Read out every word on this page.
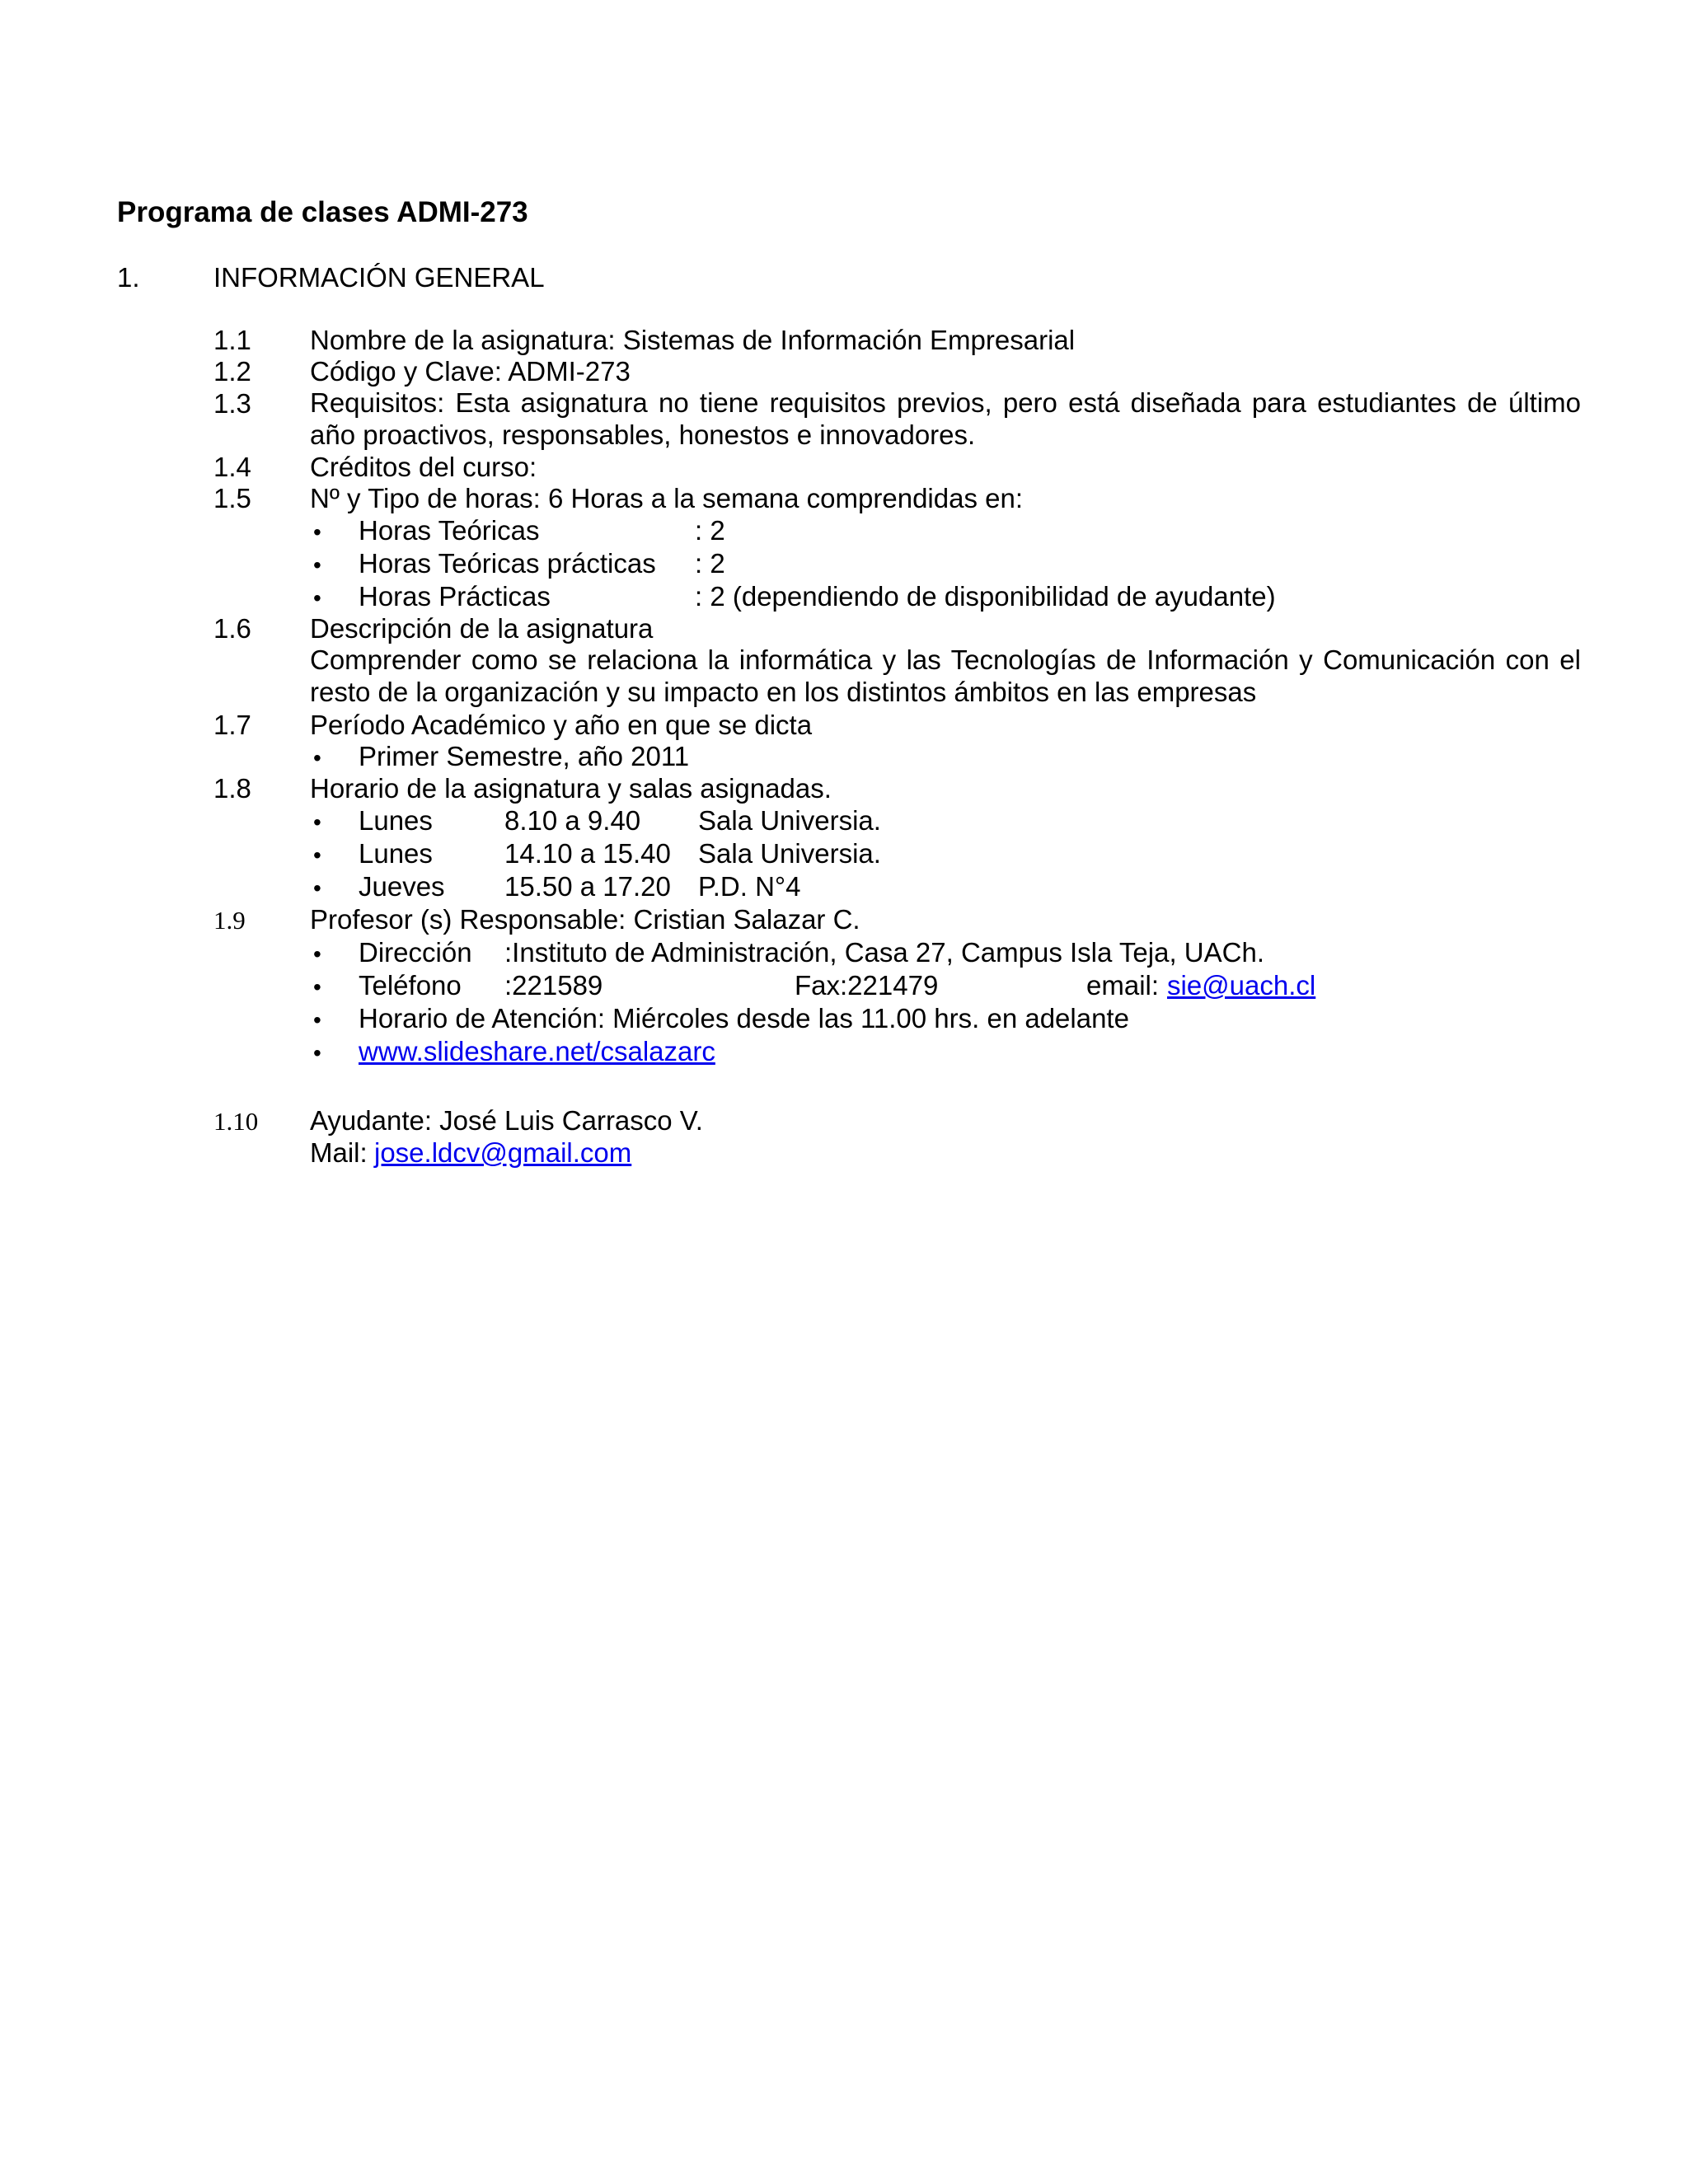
Programa de clases ADMI-273
1.	INFORMACIÓN GENERAL
1.1 Nombre de la asignatura: Sistemas de Información Empresarial
1.2 Código y Clave: ADMI-273
1.3 Requisitos: Esta asignatura no tiene requisitos previos, pero está diseñada para estudiantes de último año proactivos, responsables, honestos e innovadores.
1.4 Créditos del curso:
1.5 Nº y Tipo de horas: 6 Horas a la semana comprendidas en:
• Horas Teóricas	: 2
• Horas Teóricas prácticas : 2
• Horas Prácticas	: 2 (dependiendo de disponibilidad de ayudante)
1.6 Descripción de la asignatura
Comprender como se relaciona la informática y las Tecnologías de Información y Comunicación con el resto de la organización y su impacto en los distintos ámbitos en las empresas
1.7 Período Académico y año en que se dicta
• Primer Semestre, año 2011
1.8 Horario de la asignatura y salas asignadas.
• Lunes	8.10 a 9.40 Sala Universia.
• Lunes	14.10 a 15.40 Sala Universia.
• Jueves 15.50 a 17.20 P.D. N°4
1.9 Profesor (s) Responsable: Cristian Salazar C.
• Dirección :Instituto de Administración, Casa 27, Campus Isla Teja, UACh.
• Teléfono :221589	Fax:221479	email: sie@uach.cl
• Horario de Atención: Miércoles desde las 11.00 hrs. en adelante
• www.slideshare.net/csalazarc
1.10 Ayudante: José Luis Carrasco V.
Mail: jose.ldcv@gmail.com
